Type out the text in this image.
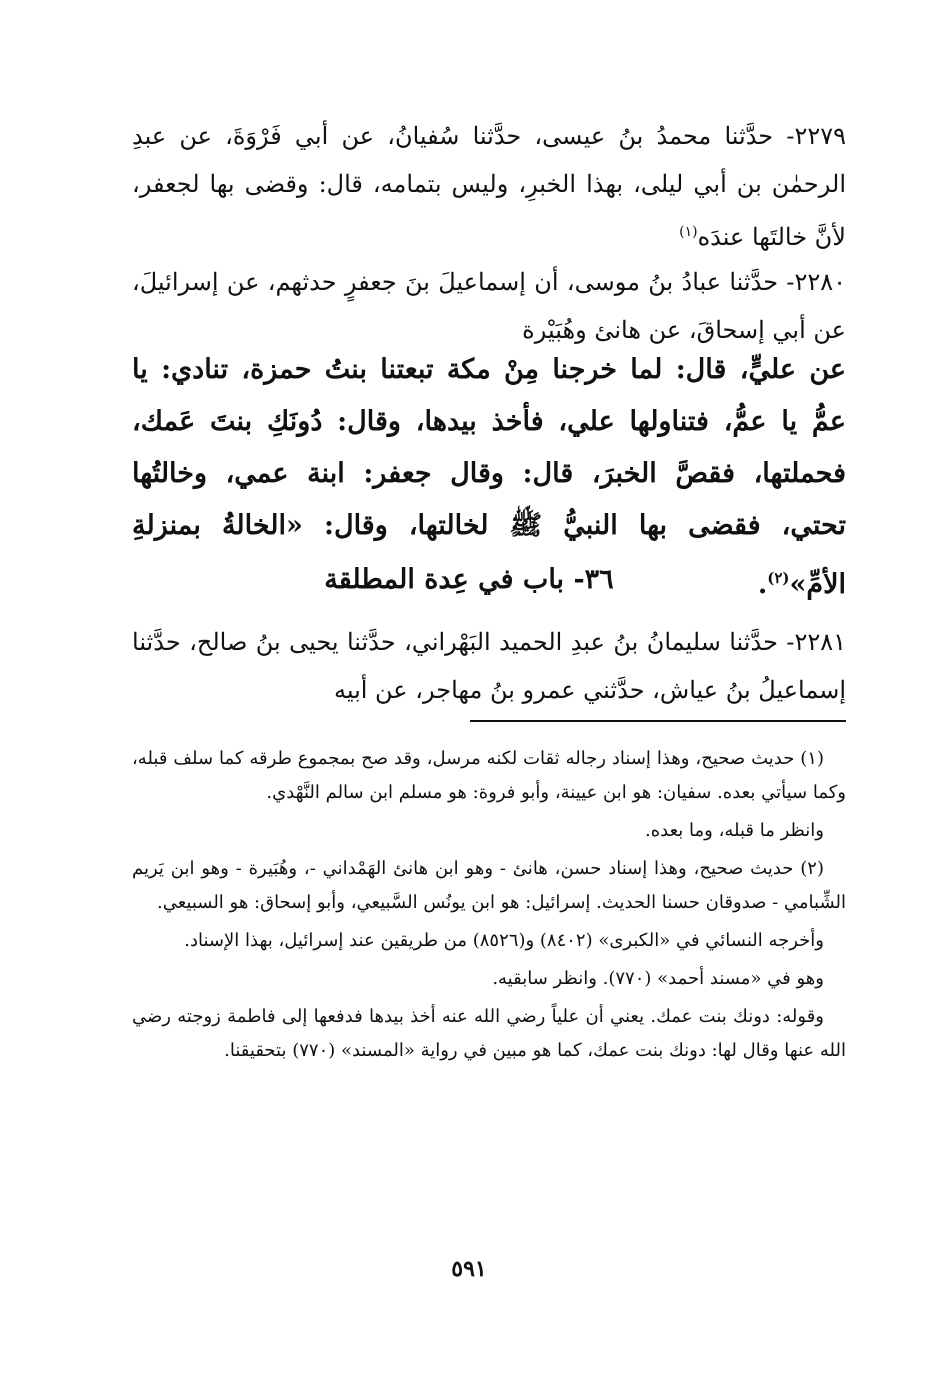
٢٢٧٩- حدَّثنا محمدُ بنُ عيسى، حدَّثنا سُفيانُ، عن أبي فَرْوَةَ، عن عبدِ الرحمٰن بن أبي ليلى، بهذا الخبرِ، وليس بتمامه، قال: وقضى بها لجعفر، لأنَّ خالتَها عندَه$^{(١)}$

٢٢٨٠- حدَّثنا عبادُ بنُ موسى، أن إسماعيلَ بنَ جعفرٍ حدثهم، عن إسرائيلَ، عن أبي إسحاقَ، عن هانئ وهُبَيْرة

عن عليٍّ، قال: لما خرجنا مِنْ مكة تبعتنا بنتُ حمزة، تنادي: يا عمُّ يا عمُّ، فتناولها علي، فأخذ بيدها، وقال: دُونَكِ بنتَ عَمك، فحملتها، فقصَّ الخبرَ، قال: وقال جعفر: ابنة عمي، وخالتُها تحتي، فقضى بها النبيُّ ﷺ لخالتها، وقال: «الخالةُ بمنزلةِ الأمِّ»$^{(٢)}$.

٣٦- باب في عِدة المطلقة

٢٢٨١- حدَّثنا سليمانُ بنُ عبدِ الحميد البَهْراني، حدَّثنا يحيى بنُ صالح، حدَّثنا إسماعيلُ بنُ عياش، حدَّثني عمرو بنُ مهاجر، عن أبيه

(١) حديث صحيح، وهذا إسناد رجاله ثقات لكنه مرسل، وقد صح بمجموع طرقه كما سلف قبله، وكما سيأتي بعده. سفيان: هو ابن عيينة، وأبو فروة: هو مسلم ابن سالم النَّهْدي.

وانظر ما قبله، وما بعده.

(٢) حديث صحيح، وهذا إسناد حسن، هانئ - وهو ابن هانئ الهَمْداني -، وهُبَيرة - وهو ابن يَريم الشِّبامي - صدوقان حسنا الحديث. إسرائيل: هو ابن يونُس السَّبيعي، وأبو إسحاق: هو السبيعي.

وأخرجه النسائي في «الكبرى» (٨٤٠٢) و(٨٥٢٦) من طريقين عند إسرائيل، بهذا الإسناد.

وهو في «مسند أحمد» (٧٧٠). وانظر سابقيه.

وقوله: دونك بنت عمك. يعني أن علياً رضي الله عنه أخذ بيدها فدفعها إلى فاطمة زوجته رضي الله عنها وقال لها: دونك بنت عمك، كما هو مبين في رواية «المسند» (٧٧٠) بتحقيقنا.

٥٩١
